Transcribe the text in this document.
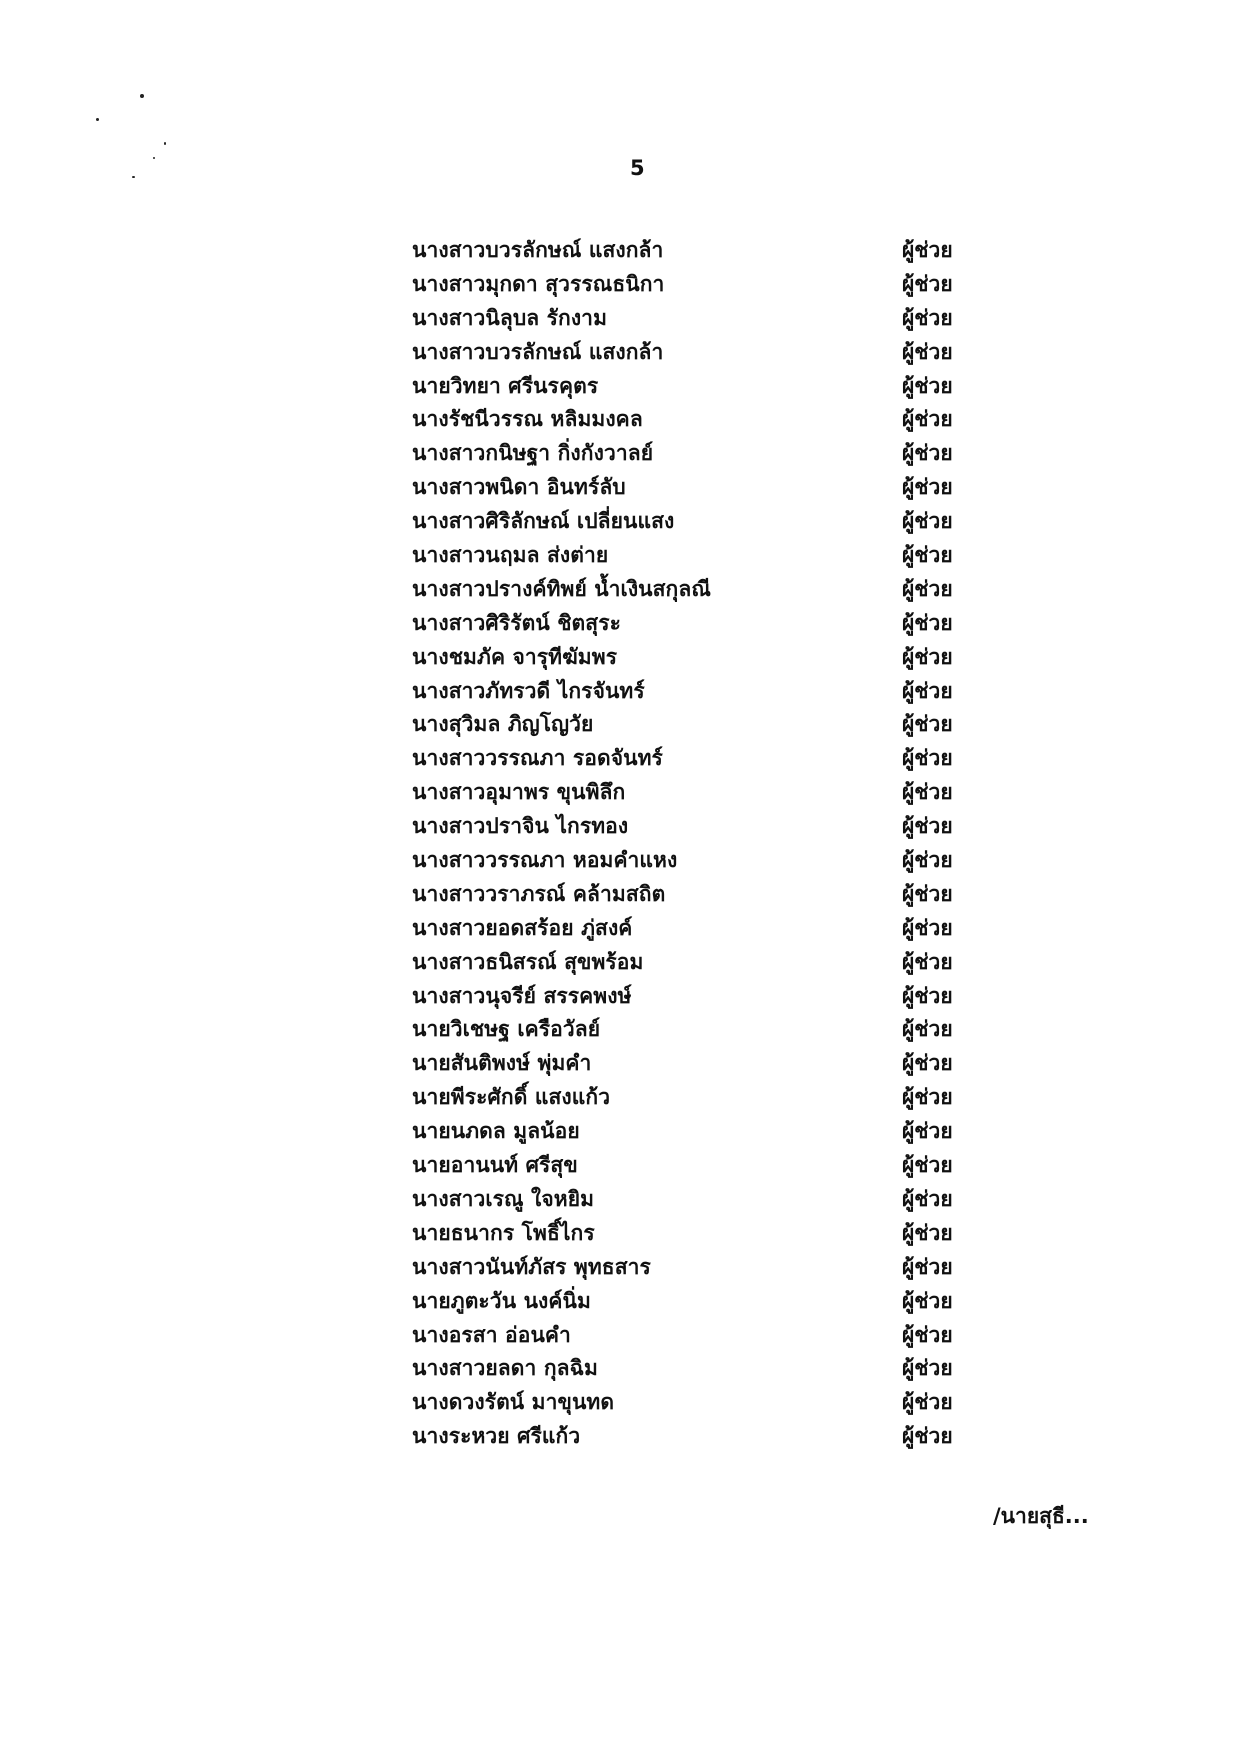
5
นางสาวบวรลักษณ์ แสงกล้า	ผู้ช่วย
นางสาวมุกดา สุวรรณธนิกา	ผู้ช่วย
นางสาวนิลุบล รักงาม	ผู้ช่วย
นางสาวบวรลักษณ์ แสงกล้า	ผู้ช่วย
นายวิทยา ศรีนรคุตร	ผู้ช่วย
นางรัชนีวรรณ หลิมมงคล	ผู้ช่วย
นางสาวกนิษฐา กิ่งกังวาลย์	ผู้ช่วย
นางสาวพนิดา อินทร์ลับ	ผู้ช่วย
นางสาวศิริลักษณ์ เปลี่ยนแสง	ผู้ช่วย
นางสาวนฤมล ส่งต่าย	ผู้ช่วย
นางสาวปรางค์ทิพย์ น้ำเงินสกุลณี	ผู้ช่วย
นางสาวศิริรัตน์ ชิตสุระ	ผู้ช่วย
นางชมภัค จารุทีฆัมพร	ผู้ช่วย
นางสาวภัทรวดี ไกรจันทร์	ผู้ช่วย
นางสุวิมล ภิญโญวัย	ผู้ช่วย
นางสาววรรณภา รอดจันทร์	ผู้ช่วย
นางสาวอุมาพร ขุนพิลึก	ผู้ช่วย
นางสาวปราจิน ไกรทอง	ผู้ช่วย
นางสาววรรณภา หอมคำแหง	ผู้ช่วย
นางสาววราภรณ์ คล้ามสถิต	ผู้ช่วย
นางสาวยอดสร้อย ภู่สงค์	ผู้ช่วย
นางสาวธนิสรณ์ สุขพร้อม	ผู้ช่วย
นางสาวนุจรีย์ สรรคพงษ์	ผู้ช่วย
นายวิเชษฐ เครือวัลย์	ผู้ช่วย
นายสันติพงษ์ พุ่มคำ	ผู้ช่วย
นายพีระศักดิ์ แสงแก้ว	ผู้ช่วย
นายนภดล มูลน้อย	ผู้ช่วย
นายอานนท์ ศรีสุข	ผู้ช่วย
นางสาวเรณู ใจหยิม	ผู้ช่วย
นายธนากร โพธิ์ไกร	ผู้ช่วย
นางสาวนันท์ภัสร พุทธสาร	ผู้ช่วย
นายภูตะวัน นงค์นิ่ม	ผู้ช่วย
นางอรสา อ่อนคำ	ผู้ช่วย
นางสาวยลดา กุลฉิม	ผู้ช่วย
นางดวงรัตน์ มาขุนทด	ผู้ช่วย
นางระหวย ศรีแก้ว	ผู้ช่วย
/นายสุธี...
